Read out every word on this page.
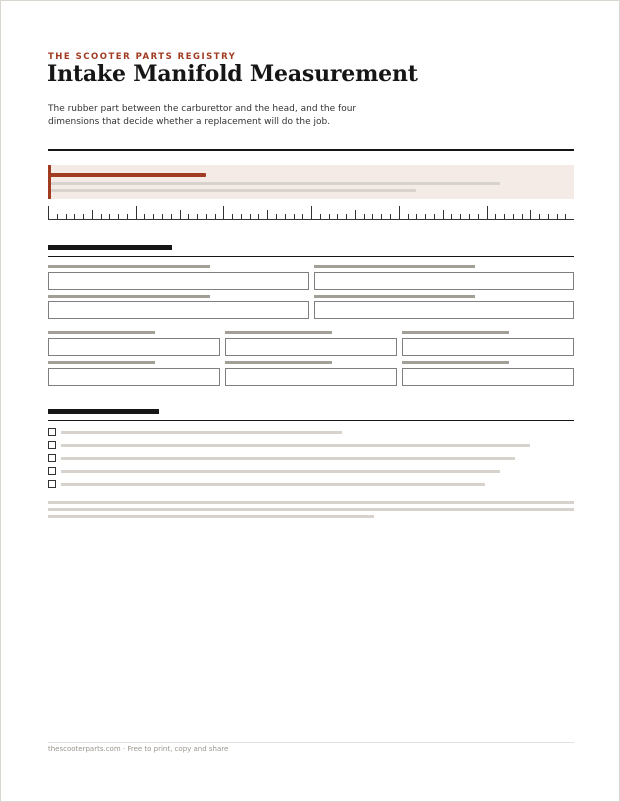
THE SCOOTER PARTS REGISTRY
Intake Manifold Measurement
The rubber part between the carburettor and the head, and the four dimensions that decide whether a replacement will do the job.
thescooterparts.com · Free to print, copy and share
